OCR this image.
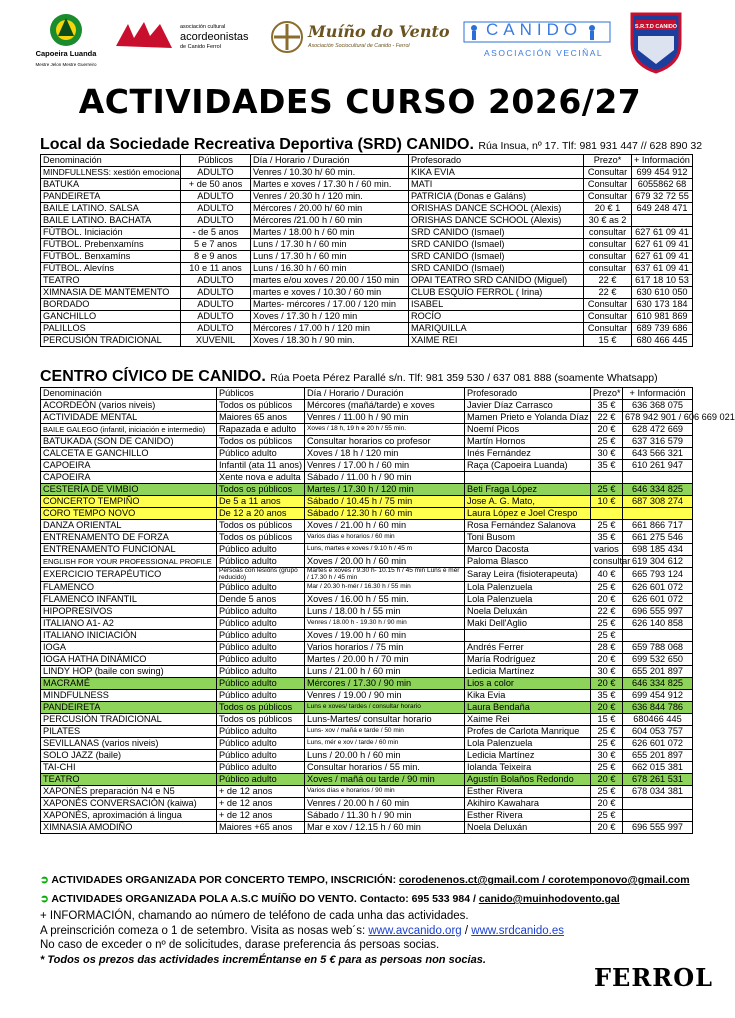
Capoeira Luanda
Mestre Jelon Mestre Guerreiro
asociación cultural
acordeonistas
de Canido Ferrol
Muíño do Vento
Asociación Sociocultural de Canido - Ferrol
CANIDO
ASOCIACIÓN VECIÑAL
S.R.T.D CANIDO
ACTIVIDADES CURSO 2026/27
Local da Sociedade Recreativa Deportiva (SRD) CANIDO. Rúa Insua, nº 17. Tlf: 981 931 447 // 628 890 32
Denominación	Públicos	Día / Horario / Duración	Profesorado	Prezo*	+ Información
MINDFULLNESS: xestión emocional	ADULTO	Venres / 10.30 h/ 60 min.	KIKA EVIA	Consultar	699 454 912
BATUKA	+ de 50 anos	Martes e xoves / 17.30 h / 60 min.	MATI	Consultar	6055862 68
PANDEIRETA	ADULTO	Venres / 20.30 h / 120 min.	PATRICIA (Donas e Galáns)	Consultar	679 32 72 55
BAILE LATINO. SALSA	ADULTO	Mércores / 20.00 h/ 60 min	ORISHAS DANCE SCHOOL (Alexis)	20 € 1	649 248 471
BAILE LATINO. BACHATA	ADULTO	Mércores /21.00 h / 60 min	ORISHAS DANCE SCHOOL (Alexis)	30 € as 2	
FÚTBOL. Iniciación	- de 5 anos	Martes / 18.00 h / 60 min	SRD CANIDO (Ismael)	consultar	627 61 09 41
FÚTBOL. Prebenxamíns	5 e 7 anos	Luns / 17.30 h / 60 min	SRD CANIDO (Ismael)	consultar	627 61 09 41
FÚTBOL. Benxamíns	8 e 9 anos	Luns / 17.30 h / 60 min	SRD CANIDO (Ismael)	consultar	627 61 09 41
FÚTBOL. Alevíns	10 e 11 anos	Luns / 16.30 h / 60 min	SRD CANIDO (Ismael)	consultar	637 61 09 41
TEATRO	ADULTO	martes e/ou xoves / 20.00 / 150 min	OPAI TEATRO SRD CANIDO (Miguel)	22 €	617 18 10 53
XIMNASIA DE MANTEMENTO	ADULTO	martes e xoves / 10.30 / 60 min	CLUB ESQUÍO FERROL ( Irina)	22 €	630 610 050
BORDADO	ADULTO	Martes- mércores / 17.00 / 120 min	ISABEL	Consultar	630 173 184
GANCHILLO	ADULTO	Xoves / 17.30 h / 120 min	ROCÍO	Consultar	610 981 869
PALILLOS	ADULTO	Mércores / 17.00 h / 120 min	MARIQUILLA	Consultar	689 739 686
PERCUSIÓN TRADICIONAL	XUVENIL	Xoves / 18.30 h / 90 min.	XAIME REI	15 €	680 466 445
CENTRO CÍVICO DE CANIDO. Rúa Poeta Pérez Parallé s/n. Tlf: 981 359 530 / 637 081 888 (soamente Whatsapp)
Denominación	Públicos	Día / Horario / Duración	Profesorado	Prezo*	+ Información
ACORDEÓN (varios niveis)	Todos os públicos	Mércores (mañá/tarde) e xoves	Javier Díaz Carrasco	35 €	636 368 075
ACTIVIDADE MENTAL	Maiores 65 anos	Venres / 11.00 h / 90 min	Mamen Prieto e Yolanda Díaz	22 €	678 942 901 / 606 669 021
BAILE GALEGO (infantil, iniciación e intermedio)	Rapazada e adulto	Xoves / 18 h, 19 h e 20 h / 55 min.	Noemí Picos	20 €	628 472 669
BATUKADA (SON DE CANIDO)	Todos os públicos	Consultar horarios co profesor	Martín Hornos	25 €	637 316 579
CALCETA E GANCHILLO	Público adulto	Xoves / 18 h / 120 min	Inés Fernández	30 €	643 566 321
CAPOEIRA	Infantil (ata 11 anos)	Venres / 17.00 h / 60 min	Raça (Capoeira Luanda)	35 €	610 261 947
CAPOEIRA	Xente nova e adulta	Sábado / 11.00 h / 90 min			
CESTERÍA DE VIMBIO	Todos os públicos	Martes / 17.30 h / 120 min	Beti Fraga López	25 €	646 334 825
CONCERTO TEMPIÑO	De 5 a 11 anos	Sábado / 10.45 h / 75 min	Jose A. G. Mato,	10 €	687 308 274
CORO TEMPO NOVO	De 12 a 20 anos	Sábado / 12.30 h / 60 min	Laura López e Joel Crespo		
DANZA ORIENTAL	Todos os públicos	Xoves / 21.00 h / 60 min	Rosa Fernández Salanova	25 €	661 866 717
ENTRENAMENTO DE FORZA	Todos os públicos	Varios días e horarios / 60 min	Toni Busom	35 €	661 275 546
ENTRENAMENTO FUNCIONAL	Público adulto	Luns, martes e xoves / 9.10 h / 45 m	Marco Dacosta	varios	698 185 434
ENGLISH FOR YOUR PROFESSIONAL PROFILE	Público adulto	Xoves / 20.00 h / 60 min	Paloma Blasco	consultar	619 304 612
EXERCICIO TERAPÉUTICO	Persoas con lesións (grupo reducido)	Martes e xoves / 9.30 h- 10.15 h / 45 min Luns e mér / 17.30 h / 45 min	Saray Leira (fisioterapeuta)	40 €	665 793 124
FLAMENCO	Público adulto	Mar / 20.30 h-mér / 16.30 h / 55 min	Lola Palenzuela	25 €	626 601 072
FLAMENCO INFANTIL	Dende 5 anos	Xoves / 16.00 h / 55 min.	Lola Palenzuela	20 €	626 601 072
HIPOPRESIVOS	Público adulto	Luns / 18.00 h / 55 min	Noela Deluxán	22 €	696 555 997
ITALIANO A1- A2	Público adulto	Venres / 18.00 h - 19.30 h / 90 min	Maki Dell'Aglio	25 €	626 140 858
ITALIANO INICIACIÓN	Público adulto	Xoves / 19.00 h / 60 min		25 €	
IOGA	Público adulto	Varios horarios / 75 min	Andrés Ferrer	28 €	659 788 068
IOGA HATHA DINÁMICO	Público adulto	Martes / 20.00 h / 70 min	María Rodríguez	20 €	699 532 650
LINDY HOP (baile con swing)	Público adulto	Luns / 21.00 h / 60 min	Ledicia Martínez	30 €	655 201 897
MACRAMÉ	Público adulto	Mércores / 17.30 / 90 min	Lios a color	20 €	646 334 825
MINDFULNESS	Público adulto	Venres / 19.00 / 90 min	Kika Evia	35 €	699 454 912
PANDEIRETA	Todos os públicos	Luns e xoves/ tardes / consultar horario	Laura Bendaña	20 €	636 844 786
PERCUSIÓN TRADICIONAL	Todos os públicos	Luns-Martes/ consultar horario	Xaime Rei	15 €	680466 445
PILATES	Público adulto	Luns- xov / mañá e tarde / 50 min	Profes de Carlota Manrique	25 €	604 053 757
SEVILLANAS (varios niveis)	Público adulto	Luns, mér e xov / tarde / 60 min	Lola Palenzuela	25 €	626 601 072
SOLO JAZZ (baile)	Público adulto	Luns / 20.00 h / 60 min	Ledicia Martínez	30 €	655 201 897
TAI-CHI	Público adulto	Consultar horarios / 55 min.	Iolanda Teixeira	25 €	662 015 381
TEATRO	Público adulto	Xoves / mañá ou tarde / 90 min	Agustín Bolaños Redondo	20 €	678 261 531
XAPONÉS preparación N4 e N5	+ de 12 anos	Varios días e horarios / 90 min	Esther Rivera	25 €	678 034 381
XAPONÉS CONVERSACIÓN (kaiwa)	+ de 12 anos	Venres / 20.00 h / 60 min	Akihiro Kawahara	20 €	
XAPONÉS, aproximación á lingua	+ de 12 anos	Sábado / 11.30 h / 90 min	Esther Rivera	25 €	
XIMNASIA AMODIÑO	Maiores +65 anos	Mar e xov / 12.15 h / 60 min	Noela Deluxán	20 €	696 555 997
➲ ACTIVIDADES ORGANIZADA POR CONCERTO TEMPO, INSCRICIÓN: corodenenos.ct@gmail.com / corotemponovo@gmail.com
➲ ACTIVIDADES ORGANIZADA POLA A.S.C MUÍÑO DO VENTO. Contacto: 695 533 984 / canido@muinhodovento.gal
+ INFORMACIÓN, chamando ao número de teléfono de cada unha das actividades.
A preinscrición comeza o 1 de setembro. Visita as nosas web´s: www.avcanido.org / www.srdcanido.es
No caso de exceder o nº de solicitudes, darase preferencia ás persoas socias.
* Todos os prezos das actividades incremÉntanse en 5 € para as persoas non socias.
FERROL
